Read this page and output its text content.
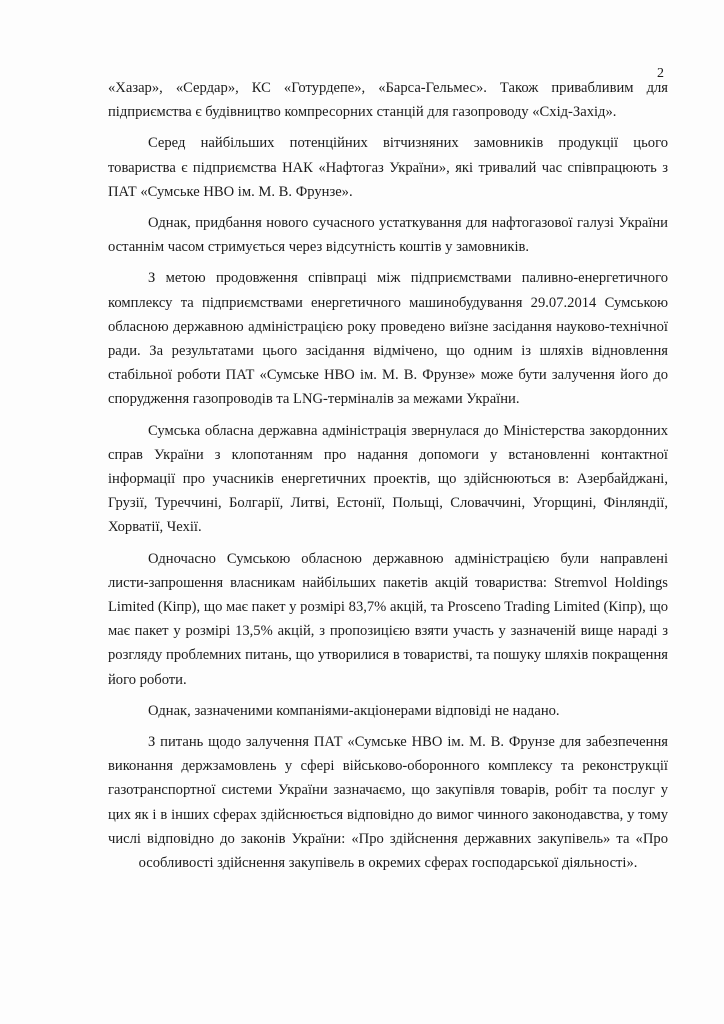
2

«Хазар», «Сердар», КС «Готурдепе», «Барса-Гельмес». Також привабливим для підприємства є будівництво компресорних станцій для газопроводу «Схід-Захід».

Серед найбільших потенційних вітчизняних замовників продукції цього товариства є підприємства НАК «Нафтогаз України», які тривалий час співпрацюють з ПАТ «Сумське НВО ім. М. В. Фрунзе».

Однак, придбання нового сучасного устаткування для нафтогазової галузі України останнім часом стримується через відсутність коштів у замовників.

З метою продовження співпраці між підприємствами паливно-енергетичного комплексу та підприємствами енергетичного машинобудування 29.07.2014 Сумською обласною державною адміністрацією року проведено виїзне засідання науково-технічної ради. За результатами цього засідання відмічено, що одним із шляхів відновлення стабільної роботи ПАТ «Сумське НВО ім. М. В. Фрунзе» може бути залучення його до спорудження газопроводів та LNG-терміналів за межами України.

Сумська обласна державна адміністрація звернулася до Міністерства закордонних справ України з клопотанням про надання допомоги у встановленні контактної інформації про учасників енергетичних проектів, що здійснюються в: Азербайджані, Грузії, Туреччині, Болгарії, Литві, Естонії, Польщі, Словаччині, Угорщині, Фінляндії, Хорватії, Чехії.

Одночасно Сумською обласною державною адміністрацією були направлені листи-запрошення власникам найбільших пакетів акцій товариства: Stremvol Holdings Limited (Кіпр), що має пакет у розмірі 83,7% акцій, та Prosceno Trading Limited (Кіпр), що має пакет у розмірі 13,5% акцій, з пропозицією взяти участь у зазначеній вище нараді з розгляду проблемних питань, що утворилися в товаристві, та пошуку шляхів покращення його роботи.

Однак, зазначеними компаніями-акціонерами відповіді не надано.

З питань щодо залучення ПАТ «Сумське НВО ім. М. В. Фрунзе для забезпечення виконання держзамовлень у сфері військово-оборонного комплексу та реконструкції газотранспортної системи України зазначаємо, що закупівля товарів, робіт та послуг у цих як і в інших сферах здійснюється відповідно до вимог чинного законодавства, у тому числі відповідно до законів України: «Про здійснення державних закупівель» та «Про особливості здійснення закупівель в окремих сферах господарської діяльності».
